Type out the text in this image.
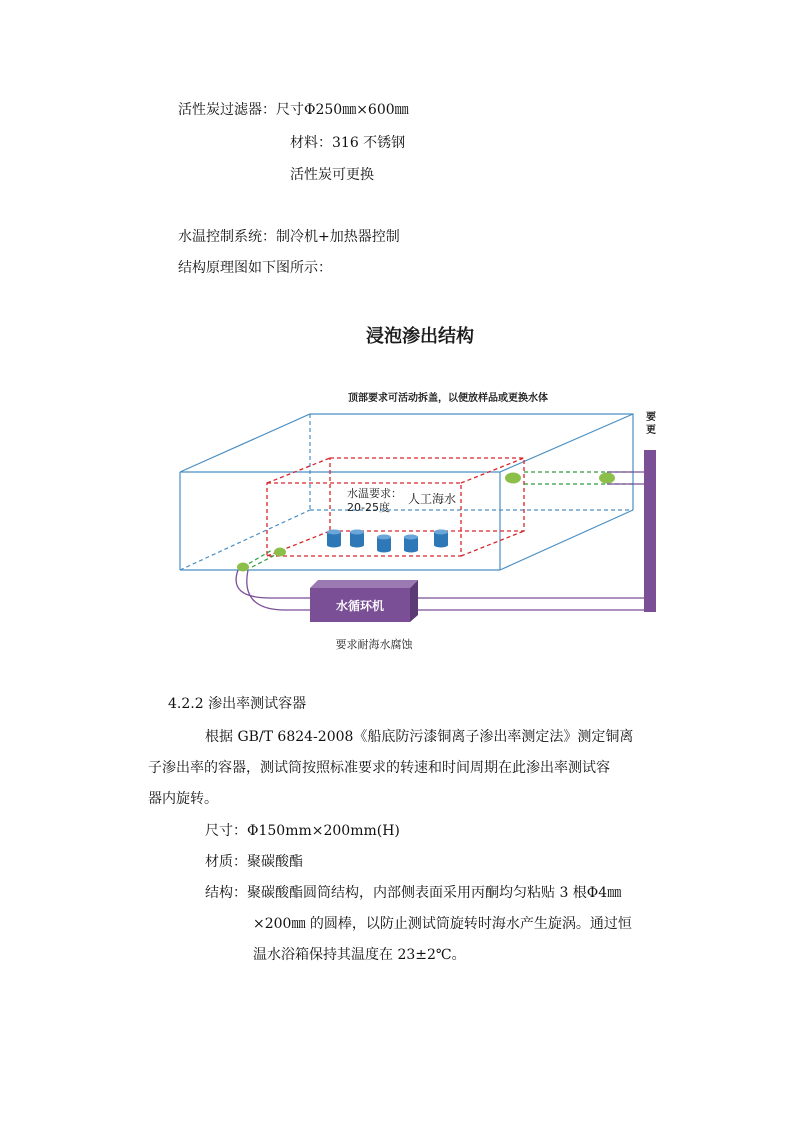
活性炭过滤器：尺寸Φ250㎜×600㎜

材料：316 不锈钢

活性炭可更换

水温控制系统：制冷机+加热器控制

结构原理图如下图所示：

浸泡渗出结构
顶部要求可活动拆盖，以便放样品或更换水体
要更
水温要求：
20-25度
人工海水
水循环机
要求耐海水腐蚀

4.2.2 渗出率测试容器

根据 GB/T 6824-2008《船底防污漆铜离子渗出率测定法》测定铜离

子渗出率的容器，测试筒按照标准要求的转速和时间周期在此渗出率测试容

器内旋转。

尺寸：Φ150mm×200mm(H)

材质：聚碳酸酯

结构：聚碳酸酯圆筒结构，内部侧表面采用丙酮均匀粘贴 3 根Φ4㎜

×200㎜ 的圆棒，以防止测试筒旋转时海水产生旋涡。通过恒

温水浴箱保持其温度在 23±2℃。
